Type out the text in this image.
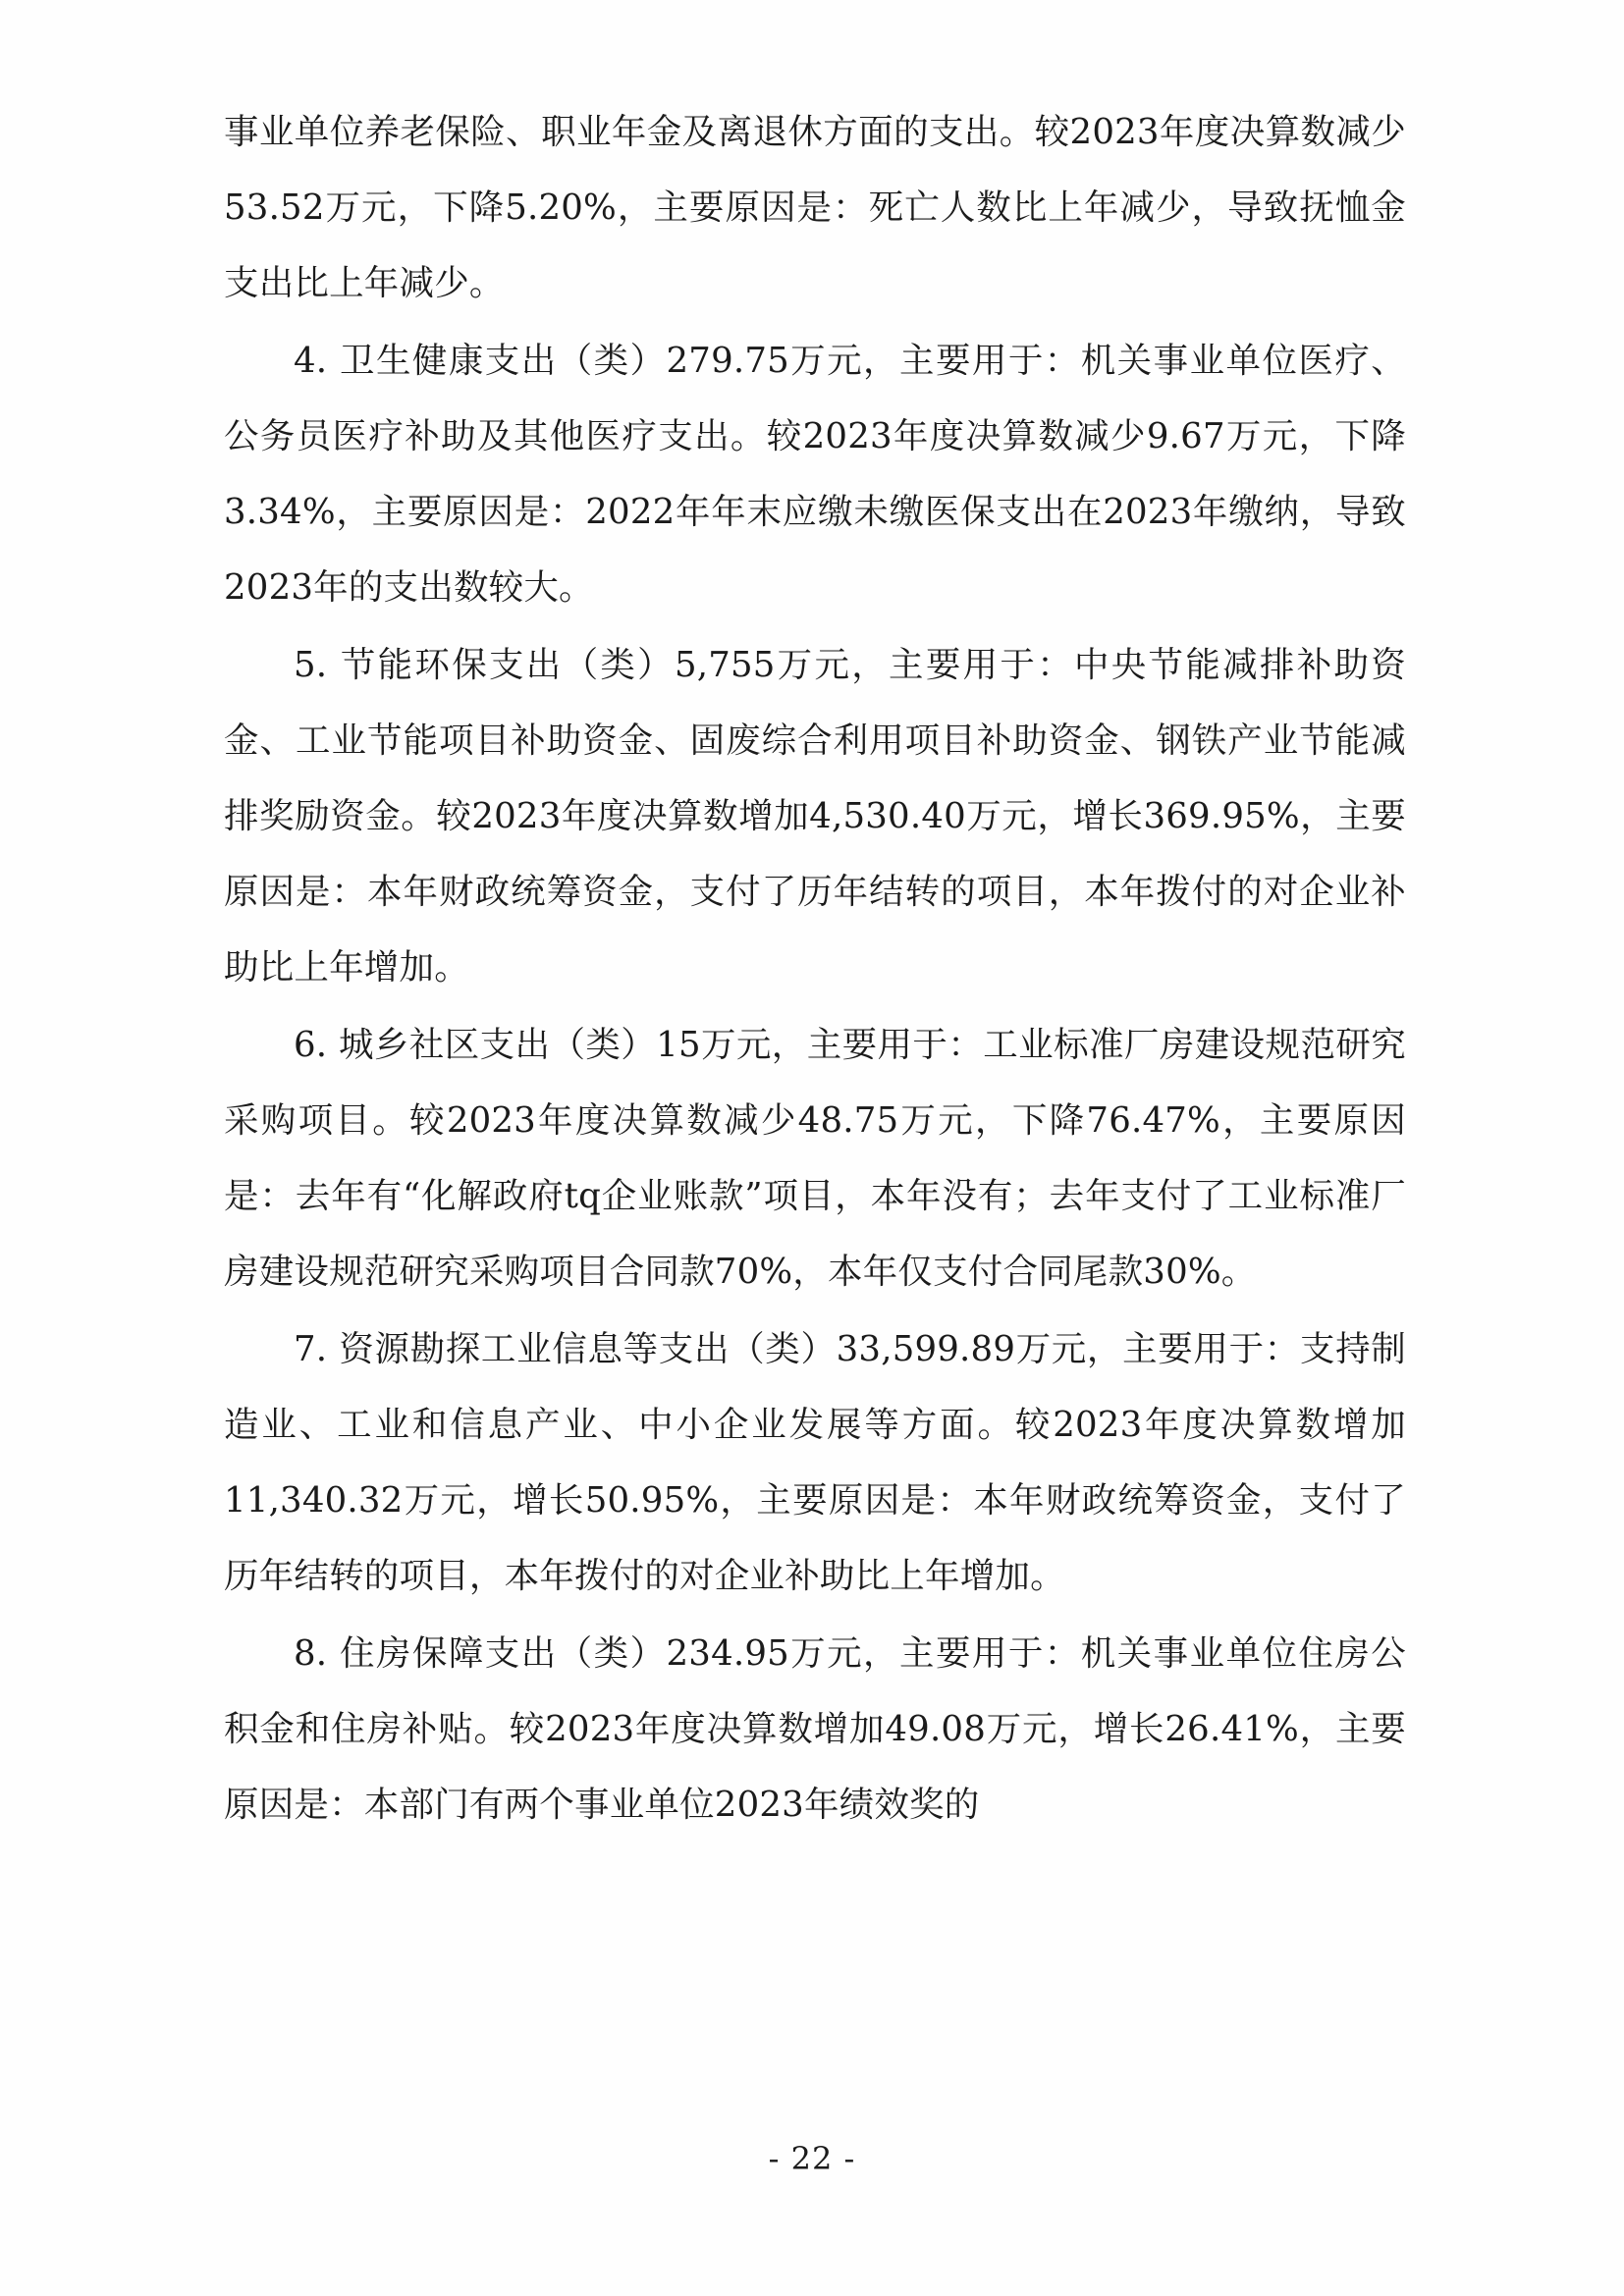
事业单位养老保险、职业年金及离退休方面的支出。较2023年度决算数减少53.52万元，下降5.20%，主要原因是：死亡人数比上年减少，导致抚恤金支出比上年减少。

4. 卫生健康支出（类）279.75万元，主要用于：机关事业单位医疗、公务员医疗补助及其他医疗支出。较2023年度决算数减少9.67万元，下降3.34%，主要原因是：2022年年末应缴未缴医保支出在2023年缴纳，导致2023年的支出数较大。

5. 节能环保支出（类）5,755万元，主要用于：中央节能减排补助资金、工业节能项目补助资金、固废综合利用项目补助资金、钢铁产业节能减排奖励资金。较2023年度决算数增加4,530.40万元，增长369.95%，主要原因是：本年财政统筹资金，支付了历年结转的项目，本年拨付的对企业补助比上年增加。

6. 城乡社区支出（类）15万元，主要用于：工业标准厂房建设规范研究采购项目。较2023年度决算数减少48.75万元，下降76.47%，主要原因是：去年有“化解政府tq企业账款”项目，本年没有；去年支付了工业标准厂房建设规范研究采购项目合同款70%，本年仅支付合同尾款30%。

7. 资源勘探工业信息等支出（类）33,599.89万元，主要用于：支持制造业、工业和信息产业、中小企业发展等方面。较2023年度决算数增加11,340.32万元，增长50.95%，主要原因是：本年财政统筹资金，支付了历年结转的项目，本年拨付的对企业补助比上年增加。

8. 住房保障支出（类）234.95万元，主要用于：机关事业单位住房公积金和住房补贴。较2023年度决算数增加49.08万元，增长26.41%，主要原因是：本部门有两个事业单位2023年绩效奖的

- 22 -
